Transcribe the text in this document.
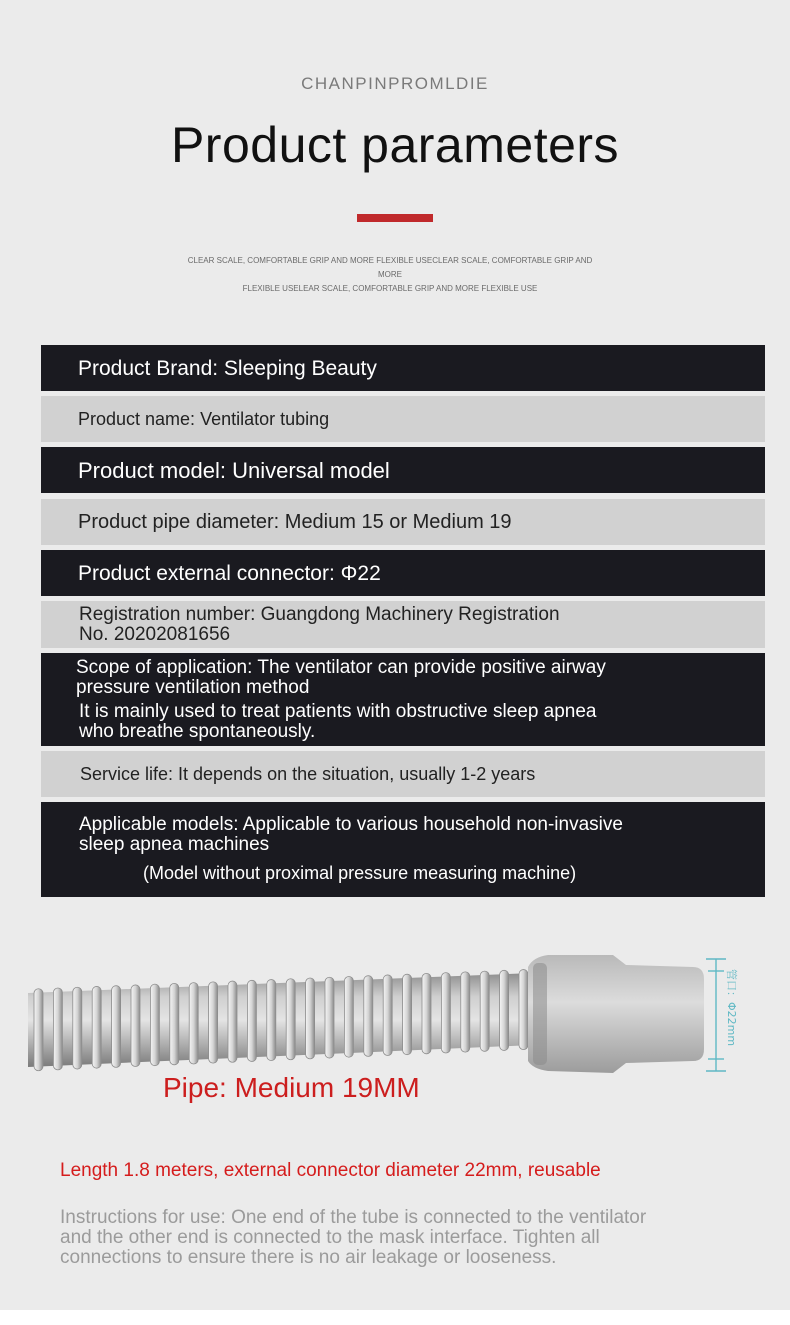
CHANPINPROMLDIE
Product parameters
CLEAR SCALE, COMFORTABLE GRIP AND MORE FLEXIBLE USECLEAR SCALE, COMFORTABLE GRIP AND MORE
FLEXIBLE USELEAR SCALE, COMFORTABLE GRIP AND MORE FLEXIBLE USE
Product Brand: Sleeping Beauty
Product name: Ventilator tubing
Product model: Universal model
Product pipe diameter: Medium 15 or Medium 19
Product external connector: Φ22
Registration number: Guangdong Machinery Registration
No. 20202081656
Scope of application: The ventilator can provide positive airway
pressure ventilation method
It is mainly used to treat patients with obstructive sleep apnea
who breathe spontaneously.
Service life: It depends on the situation, usually 1-2 years
Applicable models: Applicable to various household non-invasive
sleep apnea machines
(Model without proximal pressure measuring machine)
管口：Φ22mm
Pipe: Medium 19MM
Length 1.8 meters, external connector diameter 22mm, reusable
Instructions for use: One end of the tube is connected to the ventilator
and the other end is connected to the mask interface. Tighten all
connections to ensure there is no air leakage or looseness.
